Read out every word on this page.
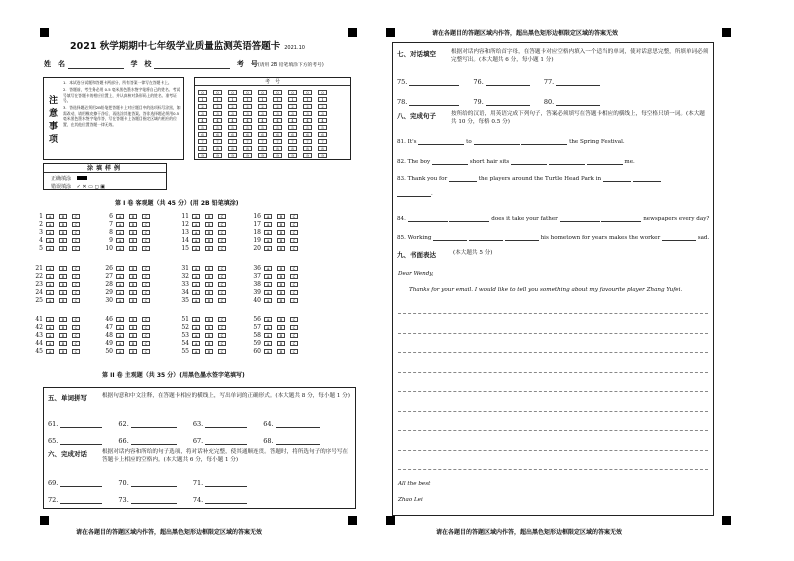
请在各题目的答题区域内作答，超出黑色矩形边框限定区域的答案无效
请在各题目的答题区域内作答，超出黑色矩形边框限定区域的答案无效	请在各题目的答题区域内作答，超出黑色矩形边框限定区域的答案无效
2021 秋学期期中七年级学业质量监测英语答题卡 2021.10
姓　名	学　校	考　号(请用 2B 铅笔填涂下方的考号)
注意事项

1．本试卷分试题和答题卡两部分，所有答案一律写在答题卡上。

2．答题前，考生务必用 0.5 毫米黑色墨水签字笔将自己的姓名、考试号填写在答题卡的相应位置上，并认真核对条形码上的姓名、准考证号。

3．答选择题必须用2B铅笔把答题卡上对应题目中的选项标号涂黑，如需改动，请用橡皮擦干净后，再选涂其他答案。答非选择题必须用0.5毫米黑色墨水签字笔作答，写在答题卡上各题目指定区域内相应的位置，在其他位置答题一律无效。

考　号
0	0	0	0	0	0	0	0	0
1	1	1	1	1	1	1	1	1
2	2	2	2	2	2	2	2	2
3	3	3	3	3	3	3	3	3
4	4	4	4	4	4	4	4	4
5	5	5	5	5	5	5	5	5
6	6	6	6	6	6	6	6	6
7	7	7	7	7	7	7	7	7
8	8	8	8	8	8	8	8	8
9	9	9	9	9	9	9	9	9
涂填样例
正确填涂
错误填涂 ✓ ✕ ▭ ◻ ▣
第 I 卷 客观题（共 45 分）(用 2B 铅笔填涂)
1	A	B	C	6	A	B	C	11	A	B	C	16	A	B	C
2	A	B	C	7	A	B	C	12	A	B	C	17	A	B	C
3	A	B	C	8	A	B	C	13	A	B	C	18	A	B	C
4	A	B	C	9	A	B	C	14	A	B	C	19	A	B	C
5	A	B	C	10	A	B	C	15	A	B	C	20	A	B	C
21	A	B	C	26	A	B	C	31	A	B	C	36	A	B	C
22	A	B	C	27	A	B	C	32	A	B	C	37	A	B	C
23	A	B	C	28	A	B	C	33	A	B	C	38	A	B	C
24	A	B	C	29	A	B	C	34	A	B	C	39	A	B	C
25	A	B	C	30	A	B	C	35	A	B	C	40	A	B	C
41	A	B	C	46	A	B	C	51	A	B	C	56	A	B	C
42	A	B	C	47	A	B	C	52	A	B	C	57	A	B	C
43	A	B	C	48	A	B	C	53	A	B	C	58	A	B	C
44	A	B	C	49	A	B	C	54	A	B	C	59	A	B	C
45	A	B	C	50	A	B	C	55	A	B	C	60	A	B	C
第 II 卷 主观题（共 35 分）(用黑色墨水签字笔填写)
五、单词拼写	根据句意和中文注释，在答题卡相应的横线上，写出单词的正确形式。(本大题共 8 分，每小题 1 分)
61.	62.	63.	64.
65.	66.	67.	68.
六、完成对话	根据对话内容和所给的句子选项，将对话补充完整，使其通顺连贯。答题时，将所选句子的序号写在答题卡上相应的空格内。(本大题共 6 分，每小题 1 分)
69.	70.	71.
72.	73.	74.
七、对话填空	根据对话内容和所给首字母，在答题卡对应空格内填入一个适当的单词，使对话意思完整，所填单词必须完整写出。(本大题共 6 分，每小题 1 分)
75.	76.	77.
78.	79.	80.
八、完成句子	按所给的汉语，用英语完成下列句子，答案必须填写在答题卡相应的横线上，每空格只填一词。(本大题共 10 分，每格 0.5 分)
81. It's	to	the Spring Festival.
82. The boy	short hair sits	me.
83. Thank you for	the players around the Turtle Head Park in
.
84.	does it take your father	newspapers every day?
85. Working	his hometown for years makes the worker	sad.
九、书面表达	(本大题共 5 分)
Dear Wendy,
Thanks for your email. I would like to tell you something about my favourite player Zhang Yufei.
All the best
Zhao Lei
